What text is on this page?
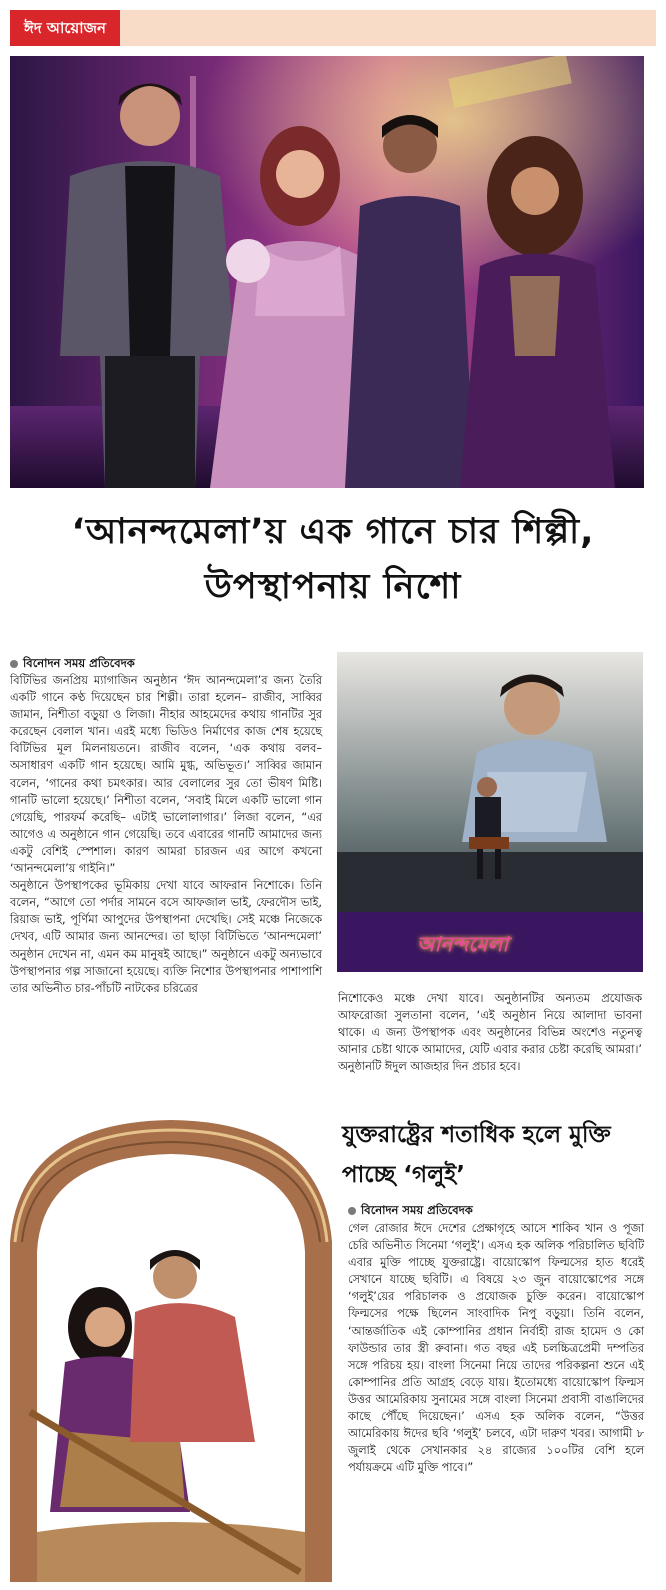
ঈদ আয়োজন
‘আনন্দমেলা’য় এক গানে চার শিল্পী, উপস্থাপনায় নিশো
বিনোদন সময় প্রতিবেদক

বিটিভির জনপ্রিয় ম্যাগাজিন অনুষ্ঠান ‘ঈদ আনন্দমেলা’র জন্য তৈরি একটি গানে কণ্ঠ দিয়েছেন চার শিল্পী। তারা হলেন– রাজীব, সাব্বির জামান, নিশীতা বড়ুয়া ও লিজা। নীহার আহমেদের কথায় গানটির সুর করেছেন বেলাল খান। এরই মধ্যে ভিডিও নির্মাণের কাজ শেষ হয়েছে বিটিভির মূল মিলনায়তনে। রাজীব বলেন, ‘এক কথায় বলব– অসাধারণ একটি গান হয়েছে। আমি মুগ্ধ, অভিভূত।’ সাব্বির জামান বলেন, ‘গানের কথা চমৎকার। আর বেলালের সুর তো ভীষণ মিষ্টি। গানটি ভালো হয়েছে।’ নিশীতা বলেন, ‘সবাই মিলে একটি ভালো গান গেয়েছি, পারফর্ম করেছি– এটাই ভালোলাগার।’ লিজা বলেন, “এর আগেও এ অনুষ্ঠানে গান গেয়েছি। তবে এবারের গানটি আমাদের জন্য একটু বেশিই স্পেশাল। কারণ আমরা চারজন এর আগে কখনো ‘আনন্দমেলা’য় গাইনি।”

অনুষ্ঠানে উপস্থাপকের ভূমিকায় দেখা যাবে আফরান নিশোকে। তিনি বলেন, “আগে তো পর্দার সামনে বসে আফজাল ভাই, ফেরদৌস ভাই, রিয়াজ ভাই, পূর্ণিমা আপুদের উপস্থাপনা দেখেছি। সেই মঞ্চে নিজেকে দেখব, এটি আমার জন্য আনন্দের। তা ছাড়া বিটিভিতে ‘আনন্দমেলা’ অনুষ্ঠান দেখেন না, এমন কম মানুষই আছে।” অনুষ্ঠানে একটু অন্যভাবে উপস্থাপনার গল্প সাজানো হয়েছে। ব্যক্তি নিশোর উপস্থাপনার পাশাপাশি তার অভিনীত চার-পাঁচটি নাটকের চরিত্রের

আনন্দমেলা
নিশোকেও মঞ্চে দেখা যাবে। অনুষ্ঠানটির অন্যতম প্রযোজক আফরোজা সুলতানা বলেন, ‘এই অনুষ্ঠান নিয়ে আলাদা ভাবনা থাকে। এ জন্য উপস্থাপক এবং অনুষ্ঠানের বিভিন্ন অংশেও নতুনত্ব আনার চেষ্টা থাকে আমাদের, যেটি এবার করার চেষ্টা করেছি আমরা।’ অনুষ্ঠানটি ঈদুল আজহার দিন প্রচার হবে।
যুক্তরাষ্ট্রের শতাধিক হলে মুক্তি পাচ্ছে ‘গলুই’
বিনোদন সময় প্রতিবেদক

গেল রোজার ঈদে দেশের প্রেক্ষাগৃহে আসে শাকিব খান ও পূজা চেরি অভিনীত সিনেমা ‘গলুই’। এসএ হক অলিক পরিচালিত ছবিটি এবার মুক্তি পাচ্ছে যুক্তরাষ্ট্রে। বায়োস্কোপ ফিল্মসের হাত ধরেই সেখানে যাচ্ছে ছবিটি। এ বিষয়ে ২৩ জুন বায়োস্কোপের সঙ্গে ‘গলুই’য়ের পরিচালক ও প্রযোজক চুক্তি করেন। বায়োস্কোপ ফিল্মসের পক্ষে ছিলেন সাংবাদিক নিপু বড়ুয়া। তিনি বলেন, ‘আন্তর্জাতিক এই কোম্পানির প্রধান নির্বাহী রাজ হামেদ ও কো ফাউন্ডার তার স্ত্রী রুবানা। গত বছর এই চলচ্চিত্রপ্রেমী দম্পতির সঙ্গে পরিচয় হয়। বাংলা সিনেমা নিয়ে তাদের পরিকল্পনা শুনে এই কোম্পানির প্রতি আগ্রহ বেড়ে যায়। ইতোমধ্যে বায়োস্কোপ ফিল্মস উত্তর আমেরিকায় সুনামের সঙ্গে বাংলা সিনেমা প্রবাসী বাঙালিদের কাছে পৌঁছে দিয়েছেন।’ এসএ হক অলিক বলেন, “উত্তর আমেরিকায় ঈদের ছবি ‘গলুই’ চলবে, এটা দারুণ খবর। আগামী ৮ জুলাই থেকে সেখানকার ২৪ রাজ্যের ১০০টির বেশি হলে পর্যায়ক্রমে এটি মুক্তি পাবে।”
